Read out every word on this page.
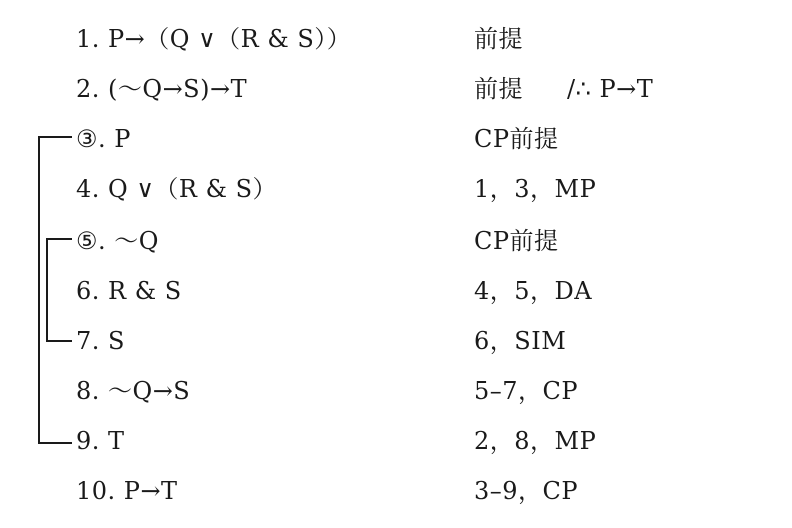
1. P→（Q ∨（R & S））	前提
2. (～Q→S)→T	前提 /∴ P→T
③. P	CP前提
4. Q ∨（R & S）	1，3，MP
⑤. ～Q	CP前提
6. R & S	4，5，DA
7. S	6，SIM
8. ～Q→S	5–7，CP
9. T	2，8，MP
10. P→T	3–9，CP
